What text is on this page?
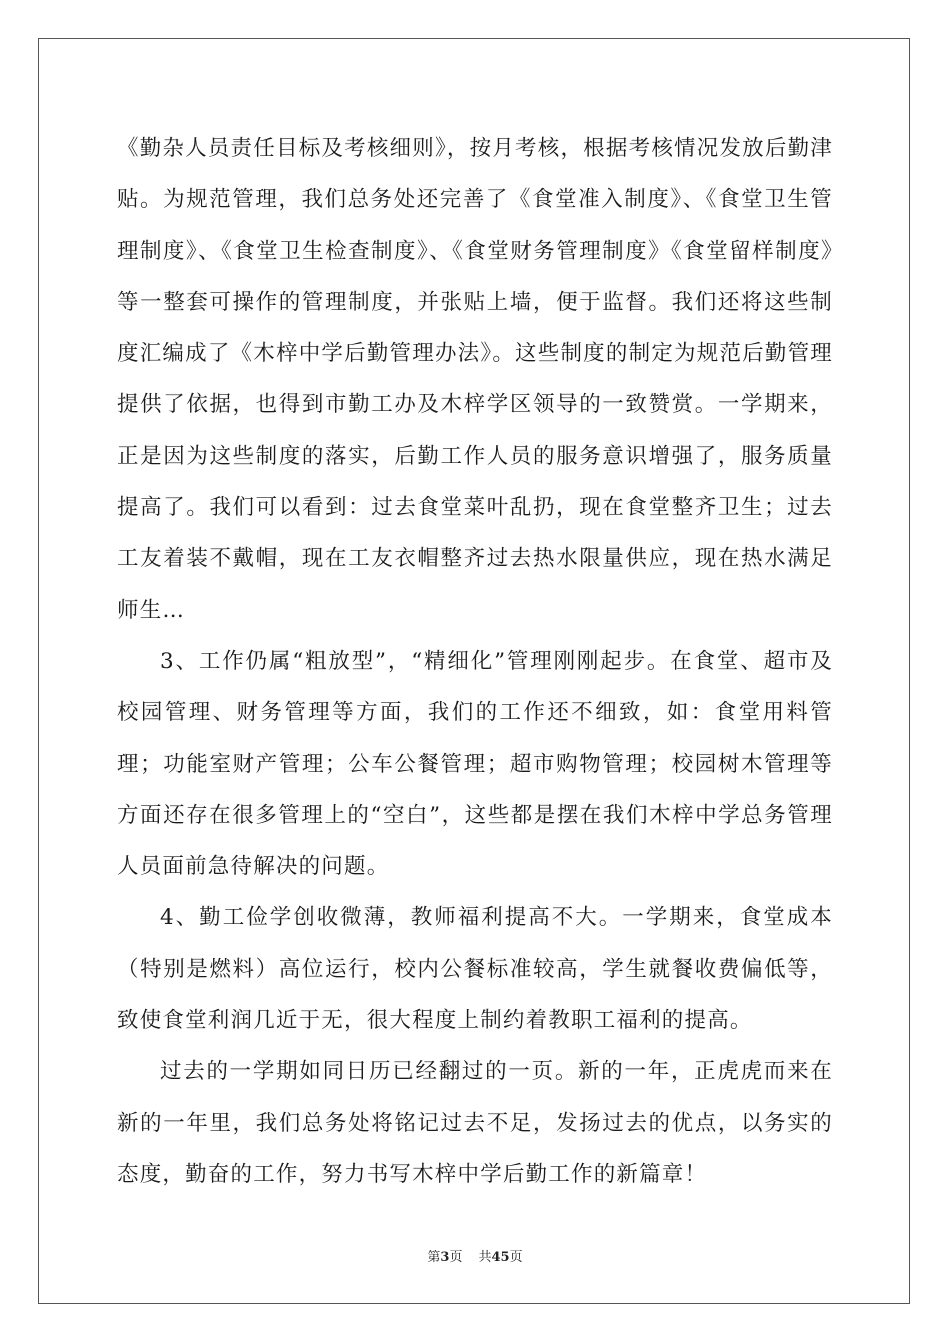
《勤杂人员责任目标及考核细则》，按月考核，根据考核情况发放后勤津贴。为规范管理，我们总务处还完善了《食堂准入制度》、《食堂卫生管理制度》、《食堂卫生检查制度》、《食堂财务管理制度》《食堂留样制度》等一整套可操作的管理制度，并张贴上墙，便于监督。我们还将这些制度汇编成了《木梓中学后勤管理办法》。这些制度的制定为规范后勤管理提供了依据，也得到市勤工办及木梓学区领导的一致赞赏。一学期来，正是因为这些制度的落实，后勤工作人员的服务意识增强了，服务质量提高了。我们可以看到：过去食堂菜叶乱扔，现在食堂整齐卫生；过去工友着装不戴帽，现在工友衣帽整齐过去热水限量供应，现在热水满足师生…

3、工作仍属“粗放型”，“精细化”管理刚刚起步。在食堂、超市及校园管理、财务管理等方面，我们的工作还不细致，如：食堂用料管理；功能室财产管理；公车公餐管理；超市购物管理；校园树木管理等方面还存在很多管理上的“空白”，这些都是摆在我们木梓中学总务管理人员面前急待解决的问题。

4、勤工俭学创收微薄，教师福利提高不大。一学期来，食堂成本（特别是燃料）高位运行，校内公餐标准较高，学生就餐收费偏低等，致使食堂利润几近于无，很大程度上制约着教职工福利的提高。

过去的一学期如同日历已经翻过的一页。新的一年，正虎虎而来在新的一年里，我们总务处将铭记过去不足，发扬过去的优点，以务实的态度，勤奋的工作，努力书写木梓中学后勤工作的新篇章！

第3页 共45页
